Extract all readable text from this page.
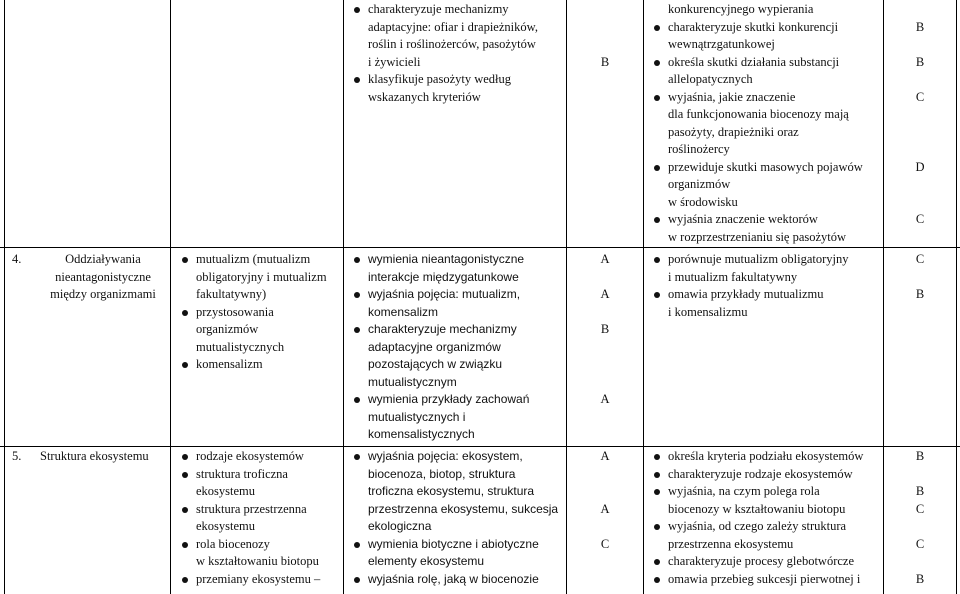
4.	Oddziaływania
nieantagonistyczne
między organizmami
5. Struktura ekosystemu
mutualizm (mutualizm
obligatoryjny i mutualizm
fakultatywny)
przystosowania
organizmów
mutualistycznych
komensalizm
rodzaje ekosystemów
struktura troficzna
ekosystemu
struktura przestrzenna
ekosystemu
rola biocenozy
w kształtowaniu biotopu
przemiany ekosystemu –
charakteryzuje mechanizmy
adaptacyjne: ofiar i drapieżników,
roślin i roślinożerców, pasożytów
i żywicieli
klasyfikuje pasożyty według
wskazanych kryteriów
wymienia nieantagonistyczne
interakcje międzygatunkowe
wyjaśnia pojęcia: mutualizm,
komensalizm
charakteryzuje mechanizmy
adaptacyjne organizmów
pozostających w związku
mutualistycznym
wymienia przykłady zachowań
mutualistycznych i
komensalistycznych
wyjaśnia pojęcia: ekosystem,
biocenoza, biotop, struktura
troficzna ekosystemu, struktura
przestrzenna ekosystemu, sukcesja
ekologiczna
wymienia biotyczne i abiotyczne
elementy ekosystemu
wyjaśnia rolę, jaką w biocenozie
B
A
A
B
A
A
A
C
konkurencyjnego wypierania
charakteryzuje skutki konkurencji
wewnątrzgatunkowej
określa skutki działania substancji
allelopatycznych
wyjaśnia, jakie znaczenie
dla funkcjonowania biocenozy mają
pasożyty, drapieżniki oraz
roślinożercy
przewiduje skutki masowych pojawów
organizmów
w środowisku
wyjaśnia znaczenie wektorów
w rozprzestrzenianiu się pasożytów
porównuje mutualizm obligatoryjny
i mutualizm fakultatywny
omawia przykłady mutualizmu
i komensalizmu
określa kryteria podziału ekosystemów
charakteryzuje rodzaje ekosystemów
wyjaśnia, na czym polega rola
biocenozy w kształtowaniu biotopu
wyjaśnia, od czego zależy struktura
przestrzenna ekosystemu
charakteryzuje procesy glebotwórcze
omawia przebieg sukcesji pierwotnej i
B
B
C
D
C
C
B
B
B
C
C
B
